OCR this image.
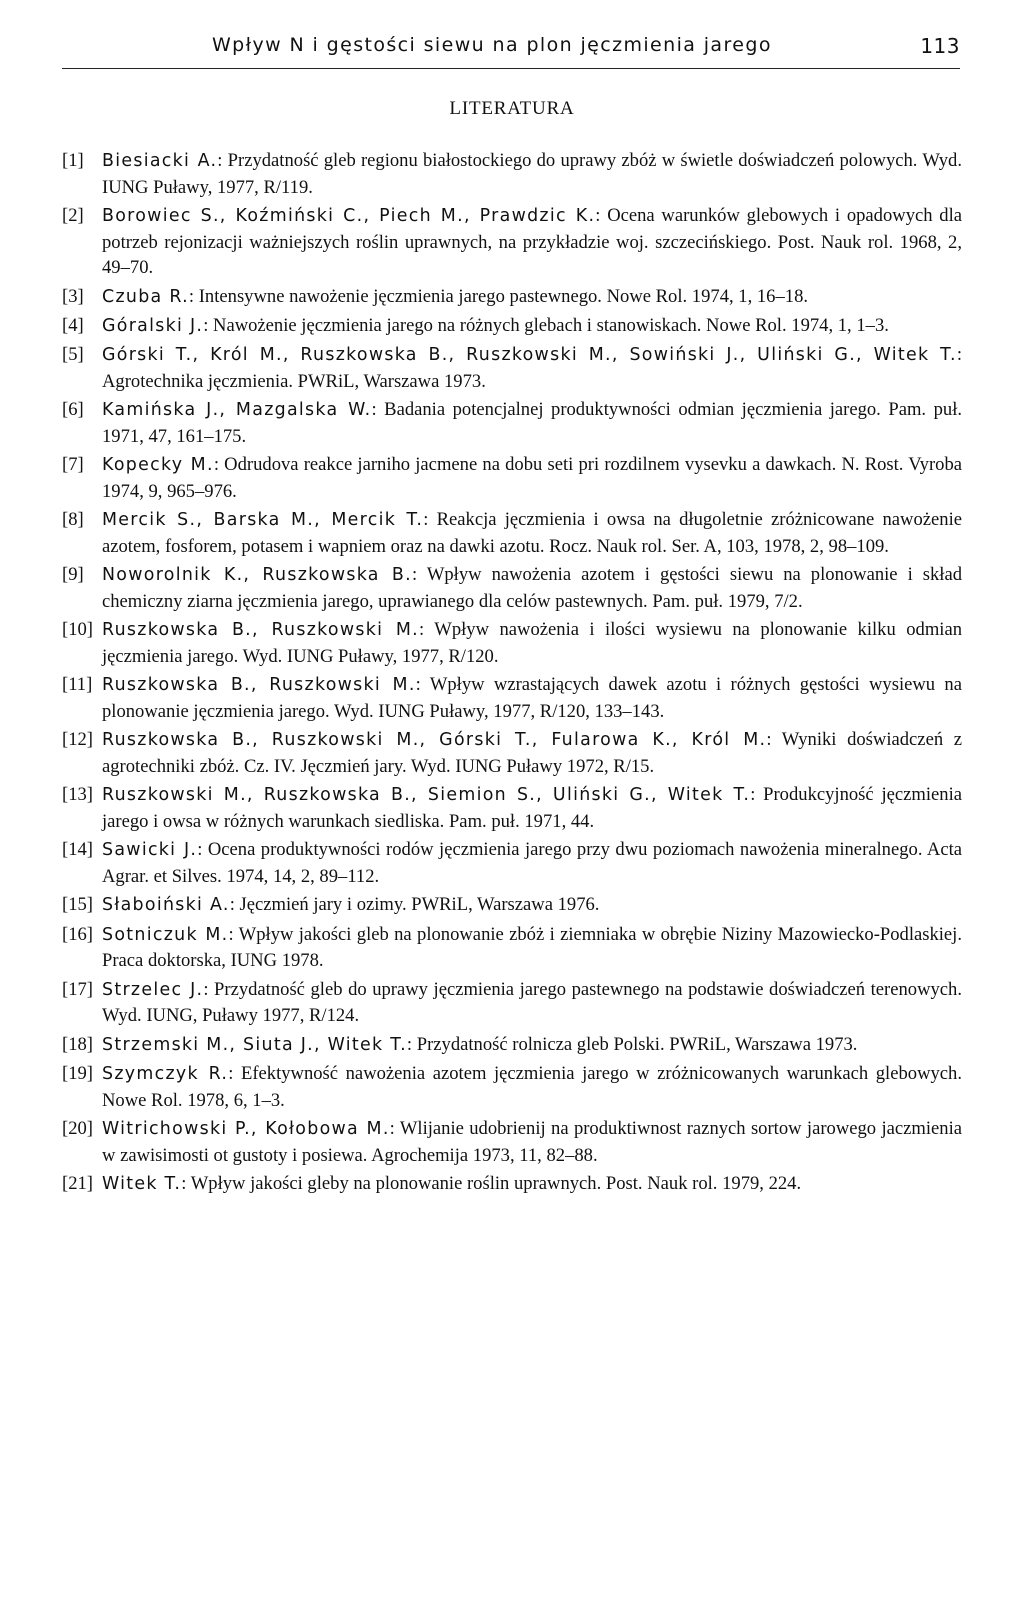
Wpływ N i gęstości siewu na plon jęczmienia jarego	113
LITERATURA

[1] Biesiacki A.: Przydatność gleb regionu białostockiego do uprawy zbóż w świetle doświadczeń polowych. Wyd. IUNG Puławy, 1977, R/119.

[2] Borowiec S., Koźmiński C., Piech M., Prawdzic K.: Ocena warunków glebowych i opadowych dla potrzeb rejonizacji ważniejszych roślin uprawnych, na przykładzie woj. szczecińskiego. Post. Nauk rol. 1968, 2, 49–70.

[3] Czuba R.: Intensywne nawożenie jęczmienia jarego pastewnego. Nowe Rol. 1974, 1, 16–18.

[4] Góralski J.: Nawożenie jęczmienia jarego na różnych glebach i stanowiskach. Nowe Rol. 1974, 1, 1–3.

[5] Górski T., Król M., Ruszkowska B., Ruszkowski M., Sowiński J., Uliński G., Witek T.: Agrotechnika jęczmienia. PWRiL, Warszawa 1973.

[6] Kamińska J., Mazgalska W.: Badania potencjalnej produktywności odmian jęczmienia jarego. Pam. puł. 1971, 47, 161–175.

[7] Kopecky M.: Odrudova reakce jarniho jacmene na dobu seti pri rozdilnem vysevku a dawkach. N. Rost. Vyroba 1974, 9, 965–976.

[8] Mercik S., Barska M., Mercik T.: Reakcja jęczmienia i owsa na długoletnie zróżnicowane nawożenie azotem, fosforem, potasem i wapniem oraz na dawki azotu. Rocz. Nauk rol. Ser. A, 103, 1978, 2, 98–109.

[9] Noworolnik K., Ruszkowska B.: Wpływ nawożenia azotem i gęstości siewu na plonowanie i skład chemiczny ziarna jęczmienia jarego, uprawianego dla celów pastewnych. Pam. puł. 1979, 7/2.

[10] Ruszkowska B., Ruszkowski M.: Wpływ nawożenia i ilości wysiewu na plonowanie kilku odmian jęczmienia jarego. Wyd. IUNG Puławy, 1977, R/120.

[11] Ruszkowska B., Ruszkowski M.: Wpływ wzrastających dawek azotu i różnych gęstości wysiewu na plonowanie jęczmienia jarego. Wyd. IUNG Puławy, 1977, R/120, 133–143.

[12] Ruszkowska B., Ruszkowski M., Górski T., Fularowa K., Król M.: Wyniki doświadczeń z agrotechniki zbóż. Cz. IV. Jęczmień jary. Wyd. IUNG Puławy 1972, R/15.

[13] Ruszkowski M., Ruszkowska B., Siemion S., Uliński G., Witek T.: Produkcyjność jęczmienia jarego i owsa w różnych warunkach siedliska. Pam. puł. 1971, 44.

[14] Sawicki J.: Ocena produktywności rodów jęczmienia jarego przy dwu poziomach nawożenia mineralnego. Acta Agrar. et Silves. 1974, 14, 2, 89–112.

[15] Słaboiński A.: Jęczmień jary i ozimy. PWRiL, Warszawa 1976.

[16] Sotniczuk M.: Wpływ jakości gleb na plonowanie zbóż i ziemniaka w obrębie Niziny Mazowiecko-Podlaskiej. Praca doktorska, IUNG 1978.

[17] Strzelec J.: Przydatność gleb do uprawy jęczmienia jarego pastewnego na podstawie doświadczeń terenowych. Wyd. IUNG, Puławy 1977, R/124.

[18] Strzemski M., Siuta J., Witek T.: Przydatność rolnicza gleb Polski. PWRiL, Warszawa 1973.

[19] Szymczyk R.: Efektywność nawożenia azotem jęczmienia jarego w zróżnicowanych warunkach glebowych. Nowe Rol. 1978, 6, 1–3.

[20] Witrichowski P., Kołobowa M.: Wlijanie udobrienij na produktiwnost raznych sortow jarowego jaczmienia w zawisimosti ot gustoty i posiewa. Agrochemija 1973, 11, 82–88.

[21] Witek T.: Wpływ jakości gleby na plonowanie roślin uprawnych. Post. Nauk rol. 1979, 224.
